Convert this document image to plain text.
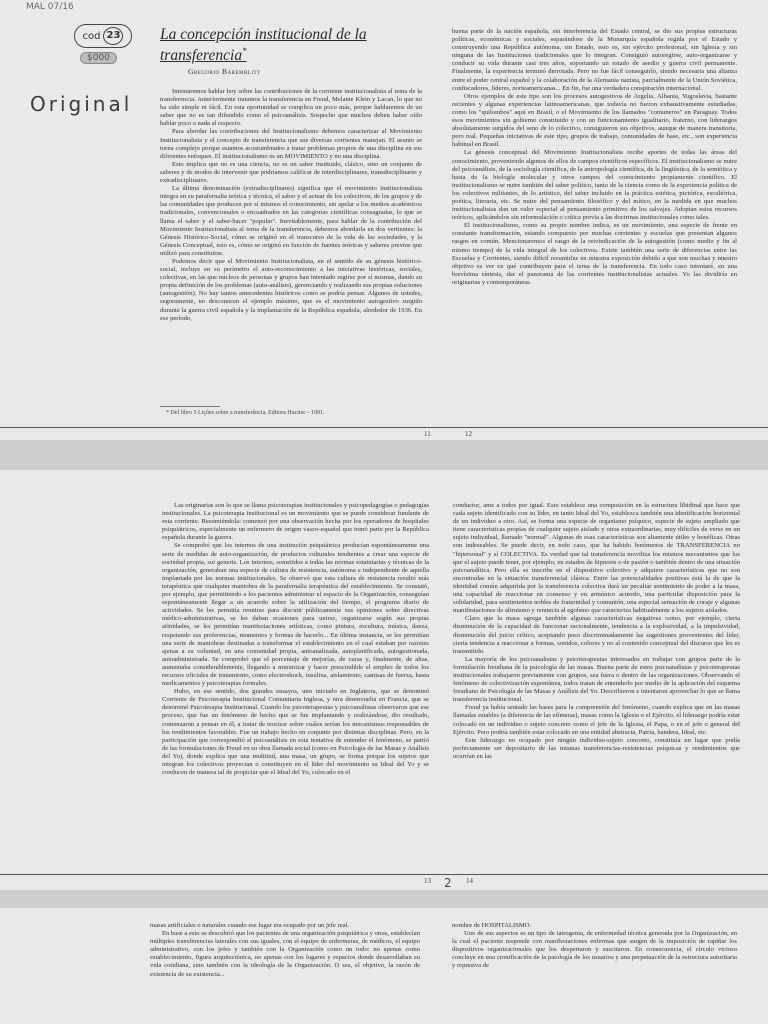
MAL 07/16
cod 23
$000
Original
La concepción institucional de la transferencia*
Gregorio Baremblitt

Intentaremos hablar hoy sobre las contribuciones de la corriente institucionalista al tema de la transferencia. Anteriormente tratamos la transferencia en Freud, Melanie Klein y Lacan, lo que no ha sido simple ni fácil. En esta oportunidad se complica un poco más, porque hablaremos de un saber que no es tan difundido como el psicoanálisis. Sospecho que muchos deben haber oído hablar poco o nada al respecto.

Para abordar las contribuciones del Institucionalismo debemos caracterizar al Movimiento Institucionalista y el concepto de transferencia que sus diversas corrientes manejan. El asunto se torna complejo porque estamos acostumbrados a tratar problemas propios de una disciplina en sus diferentes enfoques. El institucionalismo es un MOVIMIENTO y no una disciplina.

Esto implica que no es una ciencia, no es un saber instituido, clásico, sino un conjunto de saberes y de modos de intervenir que podríamos calificar de interdisciplinares, transdisciplinares y extradisciplinares.

La última denominación (extradisciplinares) significa que el movimiento institucionalista integra en su parafernalia teórica y técnica, el saber y el actuar de los colectivos, de los grupos y de las comunidades que producen por sí mismos el conocimiento, sin apelar a los medios académicos tradicionales, convencionales o encuadrados en las categorías científicas consagradas, lo que se llama el saber y el saber-hacer "popular". Inevitablemente, para hablar de la contribución del Movimiento Institucionalista al tema de la transferencia, debemos abordarla en dos vertientes: la Génesis Histórico-Social, cómo se originó en el transcurso de la vida de las sociedades, y la Génesis Conceptual, esto es, cómo se originó en función de fuentes teóricas y saberes previos que utilizó para constituirse.

Podemos decir que el Movimiento Institucionalista, en el sentido de su génesis histórico-social, incluye en su perímetro el auto-reconocimiento a las iniciativas históricas, sociales, colectivas, en las que núcleos de personas y grupos han intentado regirse por sí mismas, dando su propia definición de los problemas (auto-análisis), gerenciando y realizando sus propias soluciones (autogestión). No hay tantos antecedentes históricos como se podría pensar. Algunos de ustedes, seguramente, no desconocen el ejemplo máximo, que es el movimiento autogestivo surgido durante la guerra civil española y la implantación de la República española, alrededor de 1936. En ese período,

* Del libro 5 Lições sobre a transferência, Editora Hucitec - 1991.

buena parte de la nación española, sin interferencia del Estado central, se dio sus propias estructuras políticas, económicas y sociales, separándose de la Monarquía española regida por el Estado y construyendo una República autónoma, sin Estado, esto es, sin ejército profesional, sin Iglesia y sin ninguna de las Instituciones tradicionales que lo integran. Consiguió autoregirse, auto-organizarse y conducir su vida durante casi tres años, soportando un estado de asedio y guerra civil permanente. Finalmente, la experiencia terminó derrotada. Pero no fue fácil conseguirlo, siendo necesaria una alianza entre el poder central español y la colaboración de la Alemania nazista, parcialmente de la Unión Soviética, confiscadores, líderes, norteamericanas... En fin, fue una verdadera conspiración internacional.

Otros ejemplos de este tipo son los procesos autogestivos de Argelia, Albania, Yugoslavia, bastante recientes y algunas experiencias latinoamericanas, que todavía no fueron exhaustivamente estudiadas, como los "quilombos" aquí en Brasil, o el Movimiento de los llamados "comuneros" en Paraguay. Todos esos movimientos sin gobierno constituido y con un funcionamiento igualitario, fraterno, con liderazgos absolutamente surgidos del seno de lo colectivo, consiguieron sus objetivos, aunque de manera transitoria, pero real. Pequeñas iniciativas de este tipo, grupos de trabajo, comunidades de base, etc., son experiencia habitual en Brasil.

La génesis conceptual del Movimiento Institucionalista recibe aportes de todas las áreas del conocimiento, proveniendo algunos de ellos de campos científicos específicos. El institucionalismo se nutre del psicoanálisis, de la sociología científica, de la antropología científica, de la lingüística, de la semiótica y hasta de la biología molecular y otros campos del conocimiento propiamente científico. El institucionalismo se nutre también del saber político, tanto de la ciencia como de la experiencia política de los colectivos militantes, de lo artístico, del saber incluido en la práctica estética, pictórica, escultórica, poética, literaria, etc. Se nutre del pensamiento filosófico y del mítico, en la medida en que muchos institucionalistas dan un valor especial al pensamiento primitivo de los salvajes. Adoptan estos recursos teóricos, aplicándolos sin reformulación o crítica previa a las doctrinas institucionales como tales.

El institucionalismo, como su propio nombre indica, es un movimiento, una especie de frente en constante transformación, estando compuesto por muchas corrientes y escuelas que presentan algunos rasgos en común. Mencionaremos el rasgo de la reivindicación de la autogestión (como medio y fin al mismo tiempo) de la vida integral de los colectivos. Existe también una serie de diferencias entre las Escuelas y Corrientes, siendo difícil resumirlas en muestra exposición debido a que son muchas y nuestro objetivo es ver en qué contribuyen para el tema de la transferencia. En todo caso intentaré, en una brevísima síntesis, dar el panorama de las corrientes institucionalistas actuales. Yo las dividiría en originarias y contemporáneas.

11	12

Las originarias son lo que se llama psicoterapias institucionales y psicopedagogías o pedagogías institucionales. La psicoterapia institucional es un movimiento que se puede considerar fundante de esta corriente. Resumiéndola: comenzó por una observación hecha por los operadores de hospitales psiquiátricos, especialmente un enfermero de origen vasco-español que tomó parte por la República española durante la guerra.

Se comprobó que los internos de una institución psiquiátrica producían espontáneamente una serie de medidas de auto-organización, de productos culturales tendientes a crear una especie de sociedad propia, sui generis. Los internos, sometidos a todas las normas estatutarias y técnicas de la organización, generaban una especie de cultura de resistencia, autónoma e independiente de aquella implantada por las normas institucionales. Se observó que esta cultura de resistencia resultó más terapéutica que cualquier maniobra de la parafernalia terapéutica del establecimiento. Se constató, por ejemplo, que permitiendo a los pacientes administrar el espacio de la Organización, conseguían espontáneamente llegar a un acuerdo sobre la utilización del tiempo, el programa diario de actividades. Se les permitía reunirse para discutir públicamente sus opiniones sobre directivas médico-administrativas, se les daban ocasiones para unirse, organizarse según sus propias afinidades, se les permitían manifestaciones artísticas, como pintura, escultura, música, danza, respetando sus preferencias, momentos y formas de hacerlo... En última instancia, se les permitían una serie de maniobras destinadas a transformar el establecimiento en el cual estaban por razones ajenas a su voluntad, en una comunidad propia, autoanalizada, autoplanificada, autogestionada, autoadministrada. Se comprobó que el porcentaje de mejorías, de curas y, finalmente, de altas, aumentaba considerablemente, llegando a minimizar y hacer prescindible el empleo de todos los recursos oficiales de tratamiento, como electroshock, insulina, aislamiento, camisas de fuerza, hasta medicamentos y psicoterapias formales.

Hubo, en ese sentido, dos grandes ensayos, uno iniciado en Inglaterra, que se denominó Corriente de Psicoterapia Institucional Comunitaria Inglesa, y otra desenvuelta en Francia, que se denominó Psicoterapia Institucional. Cuando los psicoterapeutas y psicoanalistas observaron que ese proceso, que fue un fenómeno de hecho que se fue implantando y realizándose, dio resultado, comenzaron a pensar en él, a tratar de teorizar sobre cuáles serían los mecanismos responsables de los rendimientos favorables. Fue un trabajo hecho en conjunto por distintas disciplinas. Pero, en la participación que correspondió al psicoanálisis en esta tentativa de entender el fenómeno, se partió de las formulaciones de Freud en su obra llamada social (como en Psicología de las Masas y Análisis del Yo), donde explica que una multitud, una masa, un grupo, se forma porque los sujetos que integran los colectivos proyectan o constituyen en el líder del movimiento su Ideal del Yo y se conducen de manera tal de propiciar que el Ideal del Yo, colocado en el

conductor, ame a todos por igual. Esto establece una composición en la estructura libidinal que hace que cada sujeto identificado con su líder, en tanto Ideal del Yo, establezca también una identificación horizontal de un individuo a otro. Así, se forma una especie de organismo psíquico, especie de sujeto ampliado que tiene características propias de cualquier sujeto aislado y otras extraordinarias, muy difíciles de verse en un sujeto individual, llamado "normal". Algunas de esas características son altamente útiles y benéficas. Otras son indeseables. Se puede decir, en todo caso, que ha habido fenómenos de TRANSFERENCIA no "bipersonal" y sí COLECTIVA. Es verdad que tal transferencia moviliza los mismos mecanismos que los que el sujeto puede tener, por ejemplo, en estados de hipnosis o de pasión o también dentro de una situación psicoanalítica. Pero ella se inscribe en el dispositivo colectivo y adquiere características que no son encontradas en la situación transferencial clásica. Entre las potencialidades positivas está la de que la identidad común adquirida por la transferencia colectiva dará un peculiar sentimiento de poder a la masa, una capacidad de reaccionar en consenso y en armónico acuerdo, una particular disposición para la solidaridad, para sentimientos nobles de fraternidad y comunión, una especial sensación de coraje y algunas manifestaciones de altruismo y renuncia al egoísmo que caracteriza habitualmente a los sujetos aislados.

Claro que la masa agrega también algunas características negativas como, por ejemplo, cierta disminución de la capacidad de funcionar racionalmente, tendencia a la explosividad, a la impulsividad, disminución del juicio crítico, aceptando poco discriminadamente las sugestiones provenientes del líder, cierta tendencia a reaccionar a formas, sonidos, colores y no al contenido conceptual del discurso que les es transmitido.

La mayoría de los psicoanalistas y psicoterapeutas interesados en trabajar con grupos parte de la formulación freudiana de la psicología de las masas. Buena parte de estos psicoanalistas y psicoterapeutas institucionales trabajaron previamente con grupos, sea fuera o dentro de las organizaciones. Observando el fenómeno de colectivización espontánea, todos tratan de entenderlo por medio de la aplicación del esquema freudiano de Psicología de las Masas y Análisis del Yo. Describieron e intentaron aprovechar lo que se llama transferencia institucional.

Freud ya había sentado las bases para la comprensión del fenómeno, cuando explica que en las masas llamadas estables (a diferencia de las efímeras), masas como la Iglesia o el Ejército, el liderazgo podría estar colocado en un individuo o sujeto concreto como el jefe de la Iglesia, el Papa, o en el jefe o general del Ejército. Pero podría también estar colocado en una entidad abstracta, Patria, bandera, Ideal, etc.

Este liderazgo no ocupado por ningún individuo-sujeto concreto, constituía un lugar que podía perfectamente ser depositario de las mismas transferencias-resistencias psíquicas y rendimientos que ocurrían en las

13 2 14

masas artificiales o naturales cuando ese lugar era ocupado por un jefe real.

En base a esto se descubrió que los pacientes de una organización psiquiátrica y otras, establecían múltiples transferencias laterales con sus iguales, con el equipo de enfermeras, de médicos, el equipo administrativo, con los jefes y también con la Organización como un todo: no apenas como establecimiento, figura arquitectónica, no apenas con los lugares y espacios donde desarrollaban su vida cotidiana, sino también con la ideología de la Organización. O sea, el objetivo, la razón de existencia de su existencia...

nombre de HOSPITALISMO.

Uno de sus aspectos es un tipo de iatrogenia, de enfermedad técnica generada por la Organización, en la cual el paciente responde con manifestaciones enfermas que surgen de la imposición de rapiñar los dispositivos organizacionales que los despertaron y suscitaron. En consecuencia, el círculo vicioso concluye en una cronificación de la patología de los usuarios y una perpetuación de la estructura autoritaria y represiva de
